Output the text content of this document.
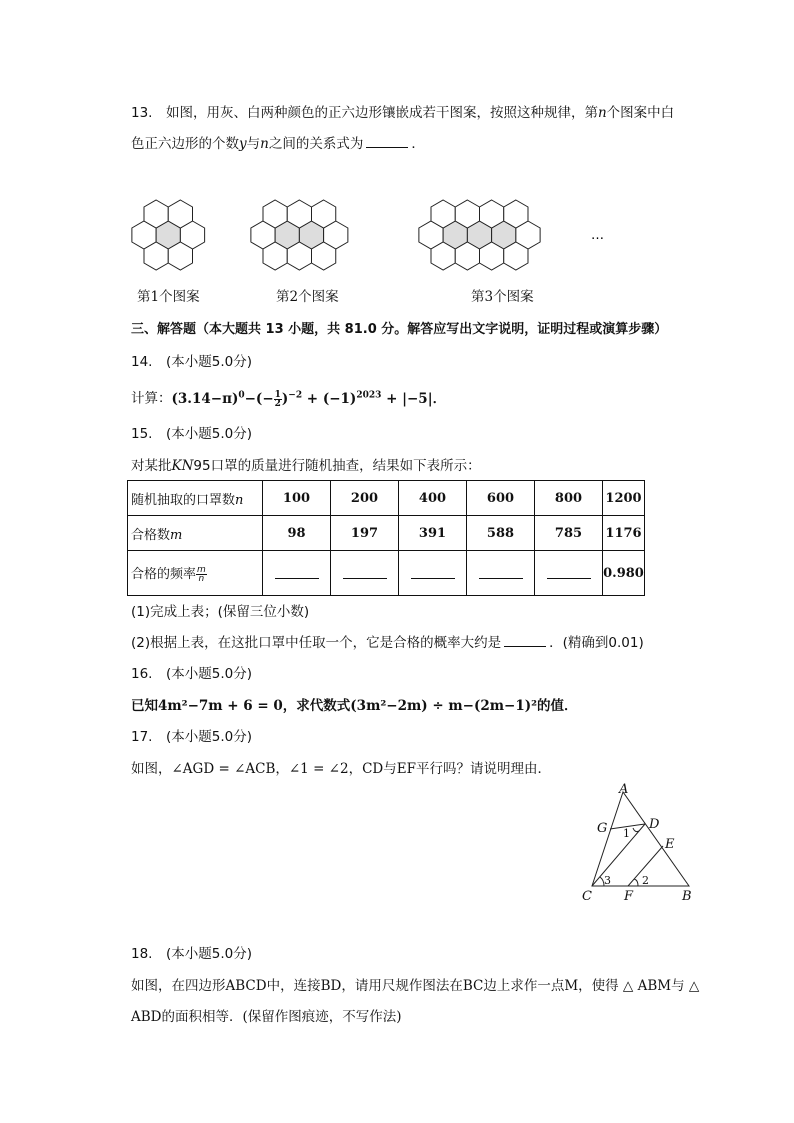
13.　如图，用灰、白两种颜色的正六边形镶嵌成若干图案，按照这种规律，第n个图案中白
色正六边形的个数y与n之间的关系式为	．
…
第1个图案	第2个图案	第3个图案
三、解答题（本大题共 13 小题，共 81.0 分。解答应写出文字说明，证明过程或演算步骤）
14.　(本小题5.0分)
计算：$(3.14-\pi)^0-(- \frac{1}{2} )^{-2} + (-1)^{2023} + |-5|$．
15.　(本小题5.0分)
对某批KN95口罩的质量进行随机抽查，结果如下表所示：
随机抽取的口罩数n	100	200	400	600	800	1200
合格数m	98	197	391	588	785	1176
合格的频率 $\frac{m}{n}$						0.980
(1)完成上表；(保留三位小数)
(2)根据上表，在这批口罩中任取一个，它是合格的概率大约是	．(精确到0.01)
16.　(本小题5.0分)
已知4m²−7m + 6 = 0，求代数式(3m²−2m) ÷ m−(2m−1)²的值．
17.　(本小题5.0分)
如图，∠AGD = ∠ACB，∠1 = ∠2，CD与EF平行吗？请说明理由．
A
G	D
E
C F	B
1
3	2
18.　(本小题5.0分)
如图，在四边形ABCD中，连接BD，请用尺规作图法在BC边上求作一点M，使得 △ ABM与 △
ABD的面积相等．(保留作图痕迹，不写作法)
